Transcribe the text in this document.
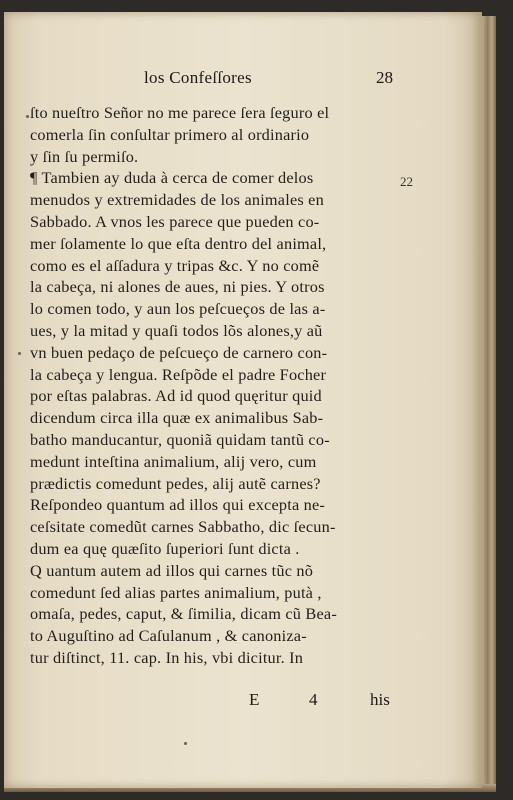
los Confeſſores	28
22
ſto nueſtro Señor no me parece ſera ſeguro el
comerla ſin conſultar primero al ordinario
y ſin ſu permiſo.
¶ Tambien ay duda à cerca de comer delos
menudos y extremidades de los animales en
Sabbado. A vnos les parece que pueden co-
mer ſolamente lo que eſta dentro del animal,
como es el aſſadura y tripas &c. Y no comẽ
la cabeça, ni alones de aues, ni pies. Y otros
lo comen todo, y aun los peſcueços de las a-
ues, y la mitad y quaſi todos lõs alones,y aũ
vn buen pedaço de peſcueço de carnero con-
la cabeça y lengua. Reſpõde el padre Focher
por eſtas palabras. Ad id quod quęritur quid
dicendum circa illa quæ ex animalibus Sab-
batho manducantur, quoniã quidam tantũ co-
medunt inteſtina animalium, alij vero, cum
prædictis comedunt pedes, alij autẽ carnes?
Reſpondeo quantum ad illos qui excepta ne-
ceſsitate comedũt carnes Sabbatho, dic ſecun-
dum ea quę quæſito ſuperiori ſunt dicta .
Q uantum autem ad illos qui carnes tũc nõ
comedunt ſed alias partes animalium, putà ,
omaſa, pedes, caput, & ſimilia, dicam cũ Bea-
to Auguſtino ad Caſulanum , & canoniza-
tur diſtinct, 11. cap. In his, vbi dicitur. In
E	4	his
